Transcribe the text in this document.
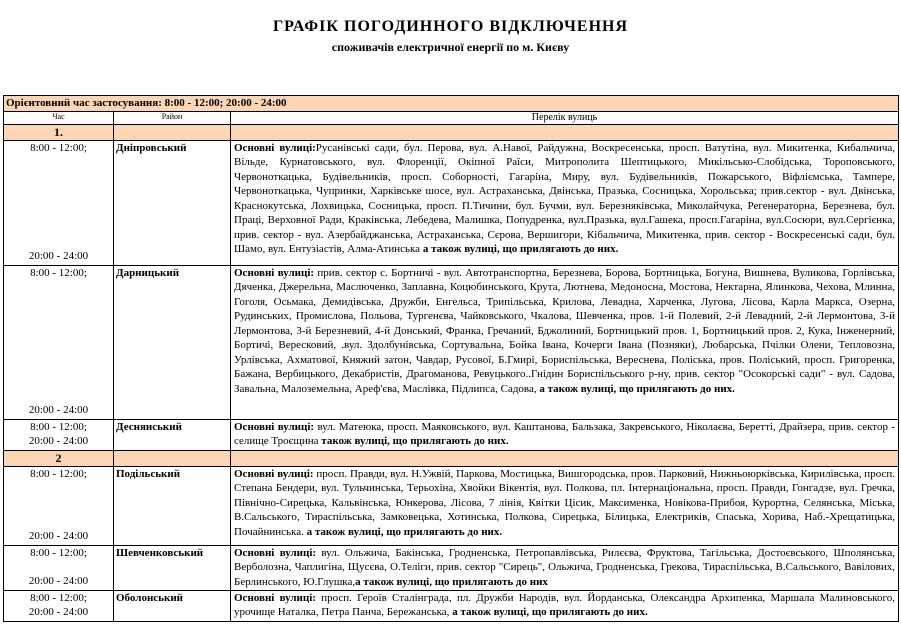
ГРАФІК ПОГОДИННОГО ВІДКЛЮЧЕННЯ
споживачів електричної енергії по м. Києву
Орієнтовний час застосування: 8:00 - 12:00; 20:00 - 24:00		
Час	Район	Перелік вулиць
1.		

8:00 - 12:00;
20:00 - 24:00	Дніпровський	Основні вулиці:Русанівські сади, бул. Перова, вул. А.Навої, Райдужна, Воскресенська, просп. Ватутіна, вул. Микитенка, Кибальчича, Вільде, Курнатовського, вул. Флоренції, Окіпної Раїси, Митрополита Шептицького, Микільсько-Слобідська, Тороповського, Червоноткацька, Будівельників, просп. Соборності, Гагаріна, Миру, вул. Будівельників, Пожарського, Віфліємська, Тампере, Червоноткацька, Чупринки, Харківське шосе, вул. Астраханська, Двінська, Празька, Сосницька, Хорольська; прив.сектор - вул. Двінська, Краснокутська, Лохвицька, Сосницька, просп. П.Тичини, бул. Бучми, вул. Березняківська, Миколайчука, Регенераторна, Березнева, бул. Праці, Верховної Ради, Краківська, Лебедева, Малишка, Попудренка, вул.Празька, вул.Гашека, просп.Гагаріна, вул.Сосюри, вул.Сергієнка, прив. сектор - вул. Азербайджанська, Астраханська, Сєрова, Вершигори, Кібальчича, Микитенка, прив. сектор - Воскресенські сади, бул. Шамо, вул. Ентузіастів, Алма-Атинська а також вулиці, що прилягають до них.

8:00 - 12:00;
20:00 - 24:00	Дарницький	Основні вулиці: прив. сектор с. Бортничі - вул. Автотранспортна, Березнева, Борова, Бортницька, Богуна, Вишнева, Вуликова, Горлівська, Дяченка, Джерельна, Маслюченко, Заплавна, Коцюбинського, Крута, Лютнева, Медоносна, Мостова, Нектарна, Ялинкова, Чехова, Млинна, Гоголя, Осьмака, Демидівська, Дружби, Енгельса, Трипільська, Крилова, Левадна, Харченка, Лугова, Лісова, Карла Маркса, Озерна, Рудинських, Промислова, Польова, Тургенєва, Чайковського, Чкалова, Шевченка, пров. 1-й Полевий, 2-й Левадний, 2-й Лермонтова, 3-й Лермонтова, 3-й Березневий, 4-й Донський, Франка, Гречаний, Бджолиний, Бортницький пров. 1, Бортницький пров. 2, Кука, Інженерний, Бортичі, Вересковий, .вул. Здолбунівська, Сортувальна, Бойка Івана, Кочерги Івана (Позняки), Любарська, Пчілки Олени, Тепловозна, Урлівська, Ахматової, Княжий затон, Чавдар, Русової, Б.Гмирі, Бориспільська, Вереснева, Поліська, пров. Поліський, просп. Григоренка, Бажана, Вербицького, Декабристів, Драгоманова, Ревуцького..Гнідин Бориспільського р-ну, прив. сектор "Осокорські сади" - вул. Садова, Завальна, Малоземельна, Ареф'єва, Маслівка, Підлипса, Садова, а також вулиці, що прилягають до них.

8:00 - 12:00;
20:00 - 24:00	Деснянський	Основні вулиці: вул. Матеюка, просп. Маяковського, вул. Каштанова, Бальзака, Закревського, Ніколаєва, Беретті, Драйзера, прив. сектор - селище Троєщина також вулиці, що прилягають до них.
2		

8:00 - 12:00;
20:00 - 24:00	Подільський	Основні вулиці: просп. Правди, вул. Н.Ужвій, Паркова, Мостицька, Вишгородська, пров. Парковий, Нижньоюрківська, Кирилівська, просп. Степана Бендери, вул. Тульчинська, Терьохіна, Хвойки Вікентія, вул. Полкова, пл. Інтернаціональна, просп. Правди, Гонгадзе, вул. Гречка, Північно-Сирецька, Кальвінська, Юнкерова, Лісова, 7 лінія, Квітки Цісик, Максименка, Новікова-Прибоя, Курортна, Селянська, Міська, В.Сальського, Тираспільська, Замковецька, Хотинська, Полкова, Сирецька, Білицька, Електриків, Спаська, Хорива, Наб.-Хрещатицька, Почайнинська. а також вулиці, що прилягають до них.

8:00 - 12:00;
20:00 - 24:00	Шевченковський	Основні вулиці: вул. Ольжича, Бакінська, Гродненська, Петропавлівська, Рилєєва, Фруктова, Тагільська, Достоєвського, Шполянська, Верболозна, Чаплигіна, Щусєва, О.Теліги, прив. сектор "Сирець", Ольжича, Гродненська, Грекова, Тираспільська, В.Сальського, Вавілових, Берлинського, Ю.Глушка,а також вулиці, що прилягають до них

8:00 - 12:00;
20:00 - 24:00	Оболонський	Основні вулиці: просп. Героїв Сталінграда, пл. Дружби Народів, вул. Йорданська, Олександра Архипенка, Маршала Малиновського, урочище Наталка, Петра Панча, Бережанська, а також вулиці, що прилягають до них.
